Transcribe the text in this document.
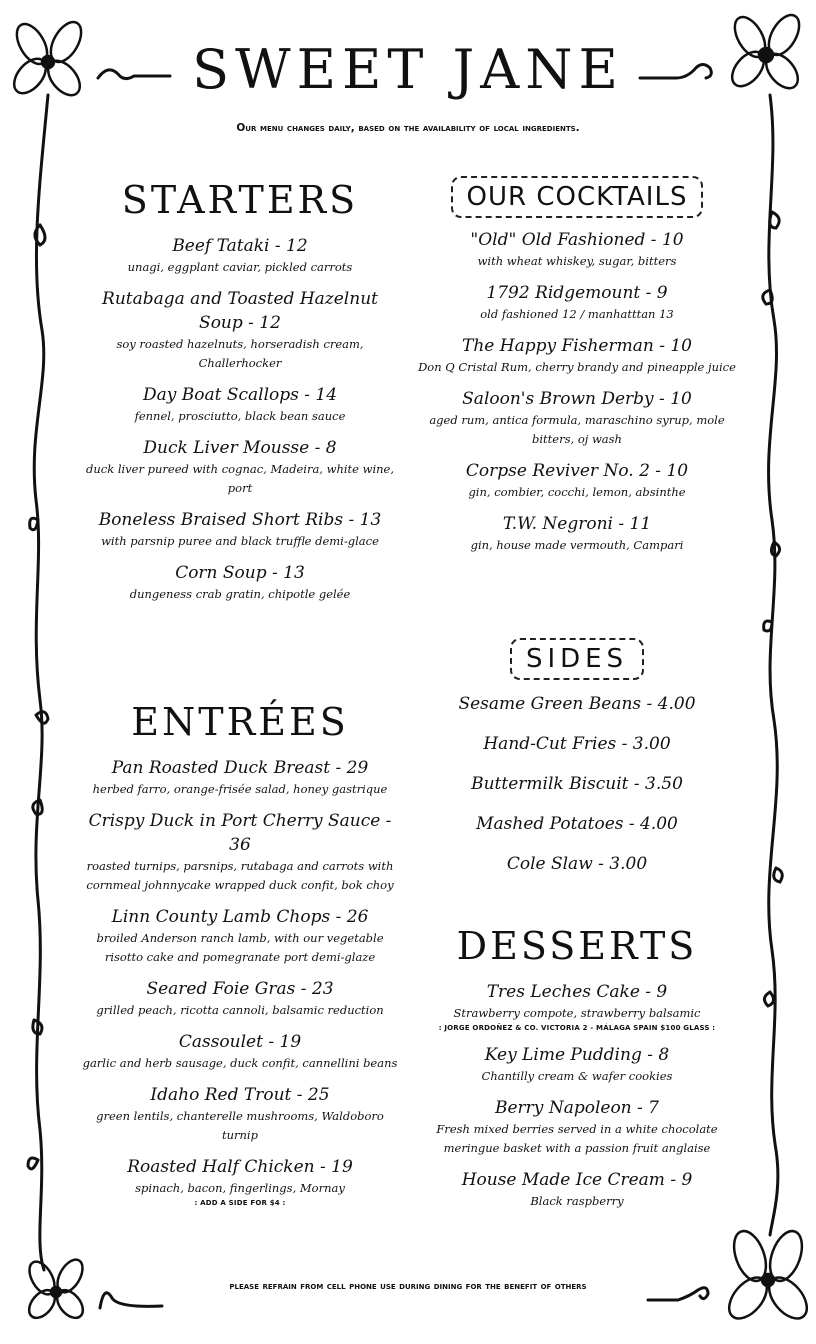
SWEET JANE
Our menu changes daily, based on the availability of local ingredients.
STARTERS
Beef Tataki - 12
unagi, eggplant caviar, pickled carrots
Rutabaga and Toasted Hazelnut Soup - 12
soy roasted hazelnuts, horseradish cream, Challerhocker
Day Boat Scallops - 14
fennel, prosciutto, black bean sauce
Duck Liver Mousse - 8
duck liver pureed with cognac, Madeira, white wine, port
Boneless Braised Short Ribs - 13
with parsnip puree and black truffle demi-glace
Corn Soup - 13
dungeness crab gratin, chipotle gelée
ENTRÉES
Pan Roasted Duck Breast - 29
herbed farro, orange-frisée salad, honey gastrique
Crispy Duck in Port Cherry Sauce - 36
roasted turnips, parsnips, rutabaga and carrots with cornmeal johnnycake wrapped duck confit, bok choy
Linn County Lamb Chops - 26
broiled Anderson ranch lamb, with our vegetable risotto cake and pomegranate port demi-glaze
Seared Foie Gras - 23
grilled peach, ricotta cannoli, balsamic reduction
Cassoulet - 19
garlic and herb sausage, duck confit, cannellini beans
Idaho Red Trout - 25
green lentils, chanterelle mushrooms, Waldoboro turnip
Roasted Half Chicken - 19
spinach, bacon, fingerlings, Mornay
: ADD A SIDE FOR $4 :
OUR COCKTAILS
"Old" Old Fashioned - 10
with wheat whiskey, sugar, bitters
1792 Ridgemount - 9
old fashioned 12 / manhatttan 13
The Happy Fisherman - 10
Don Q Cristal Rum, cherry brandy and pineapple juice
Saloon's Brown Derby - 10
aged rum, antica formula, maraschino syrup, mole bitters, oj wash
Corpse Reviver No. 2 - 10
gin, combier, cocchi, lemon, absinthe
T.W. Negroni - 11
gin, house made vermouth, Campari
SIDES
Sesame Green Beans - 4.00
Hand-Cut Fries - 3.00
Buttermilk Biscuit - 3.50
Mashed Potatoes - 4.00
Cole Slaw - 3.00
DESSERTS
Tres Leches Cake - 9
Strawberry compote, strawberry balsamic
: JORGE ORDOÑEZ & CO. VICTORIA 2 - MÁLAGA SPAIN $100 GLASS :
Key Lime Pudding - 8
Chantilly cream & wafer cookies
Berry Napoleon - 7
Fresh mixed berries served in a white chocolate meringue basket with a passion fruit anglaise
House Made Ice Cream - 9
Black raspberry
please refrain from cell phone use during dining for the benefit of others
